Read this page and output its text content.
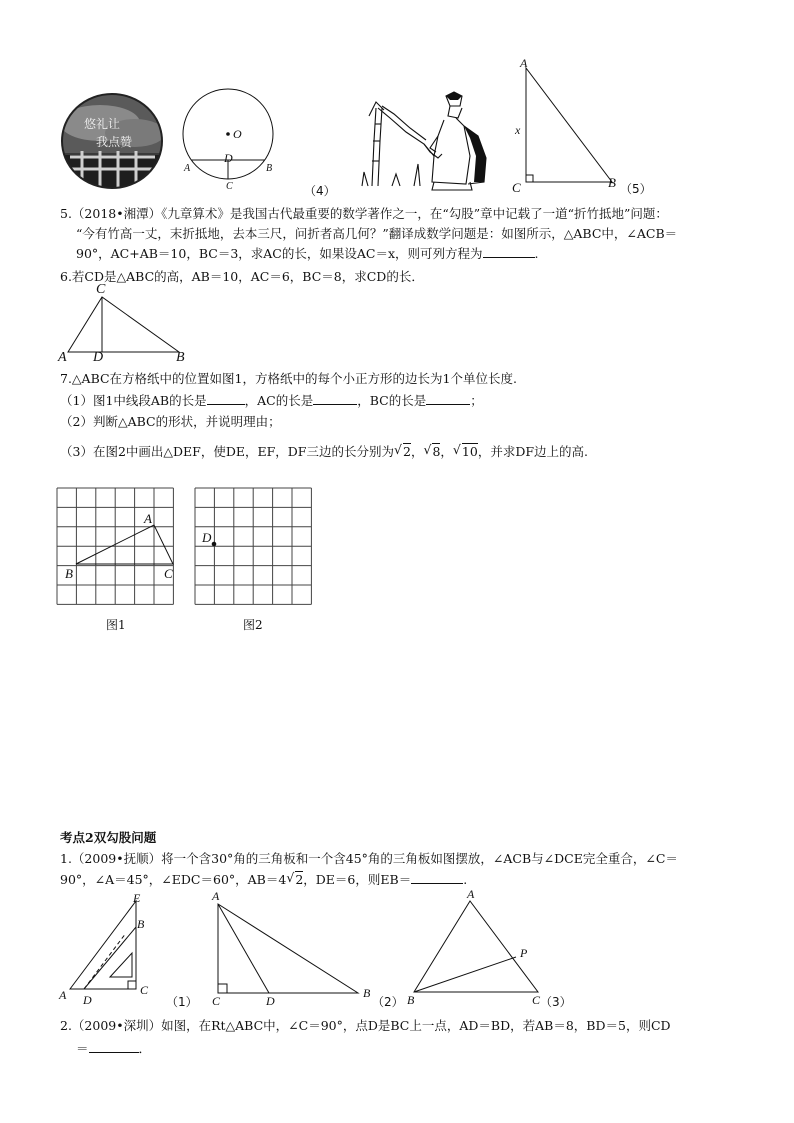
悠礼让
我点赞
O
D
A	B
C	（4）
A
x
C	B （5）
5.（2018•湘潭）《九章算术》是我国古代最重要的数学著作之一，在“勾股”章中记载了一道“折竹抵地”问题：
“今有竹高一丈，末折抵地，去本三尺，问折者高几何？”翻译成数学问题是：如图所示，△ABC中，∠ACB＝
90°，AC+AB＝10，BC＝3，求AC的长，如果设AC＝x，则可列方程为	.
6.若CD是△ABC的高，AB＝10，AC＝6，BC＝8，求CD的长．
C
A D	B
7.△ABC在方格纸中的位置如图1，方格纸中的每个小正方形的边长为1个单位长度.
（1）图1中线段AB的长是	，AC的长是	，BC的长是	；
（2）判断△ABC的形状，并说明理由；
（3）在图2中画出△DEF，使DE，EF，DF三边的长分别为 √ 2， √ 8， √ 10，并求DF边上的高.
A
B	C
图1
D
图2
考点2双勾股问题
1.（2009•抚顺）将一个含30°角的三角板和一个含45°角的三角板如图摆放，∠ACB与∠DCE完全重合，∠C＝
90°，∠A＝45°，∠EDC＝60°，AB＝4 √ 2，DE＝6，则EB＝	.
E
B
A D
C
（1）
A
C	D
B
（2）
A
P
B	C （3）
2.（2009•深圳）如图，在Rt△ABC中，∠C＝90°，点D是BC上一点，AD＝BD，若AB＝8，BD＝5，则CD
＝	．
